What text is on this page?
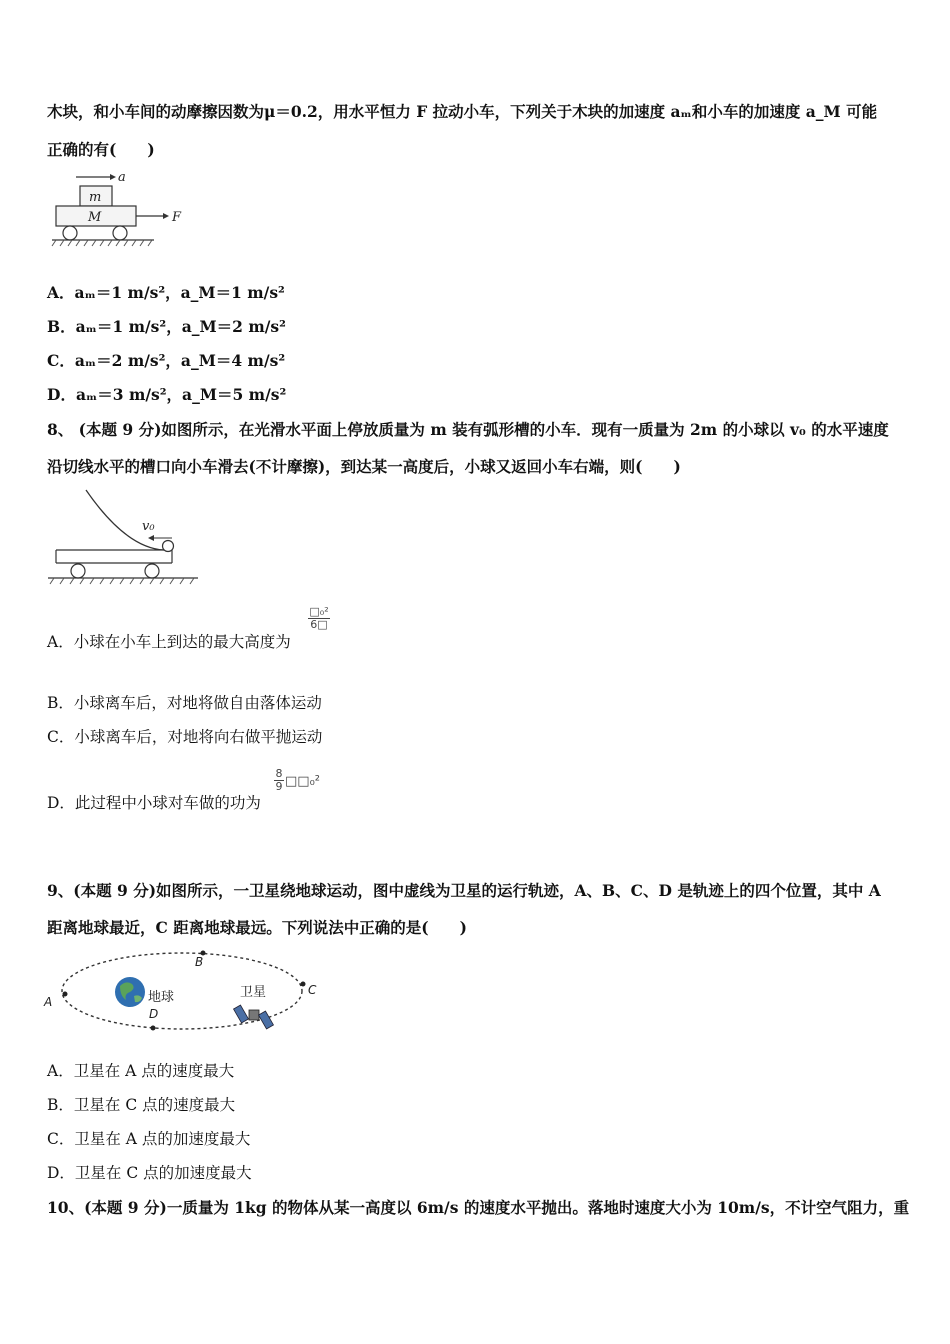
木块，和小车间的动摩擦因数为μ＝0.2，用水平恒力 F 拉动小车，下列关于木块的加速度 aₘ和小车的加速度 a_M 可能
正确的有(　　)
a
m
M	F
A．aₘ＝1 m/s²，a_M＝1 m/s²
B．aₘ＝1 m/s²，a_M＝2 m/s²
C．aₘ＝2 m/s²，a_M＝4 m/s²
D．aₘ＝3 m/s²，a_M＝5 m/s²
8、 (本题 9 分)如图所示，在光滑水平面上停放质量为 m 装有弧形槽的小车．现有一质量为 2m 的小球以 v₀ 的水平速度
沿切线水平的槽口向小车滑去(不计摩擦)，到达某一高度后，小球又返回小车右端，则(　　)
v₀
A．小球在小车上到达的最大高度为
□₀²
6□
B．小球离车后，对地将做自由落体运动
C．小球离车后，对地将向右做平抛运动
D．此过程中小球对车做的功为
$\frac{8}{9}$ □□₀²
9、(本题 9 分)如图所示，一卫星绕地球运动，图中虚线为卫星的运行轨迹，A、B、C、D 是轨迹上的四个位置，其中 A
距离地球最近，C 距离地球最远。下列说法中正确的是(　　)
A
B
C
D
地球	卫星
A．卫星在 A 点的速度最大
B．卫星在 C 点的速度最大
C．卫星在 A 点的加速度最大
D．卫星在 C 点的加速度最大
10、(本题 9 分)一质量为 1kg 的物体从某一高度以 6m/s 的速度水平抛出。落地时速度大小为 10m/s，不计空气阻力，重
